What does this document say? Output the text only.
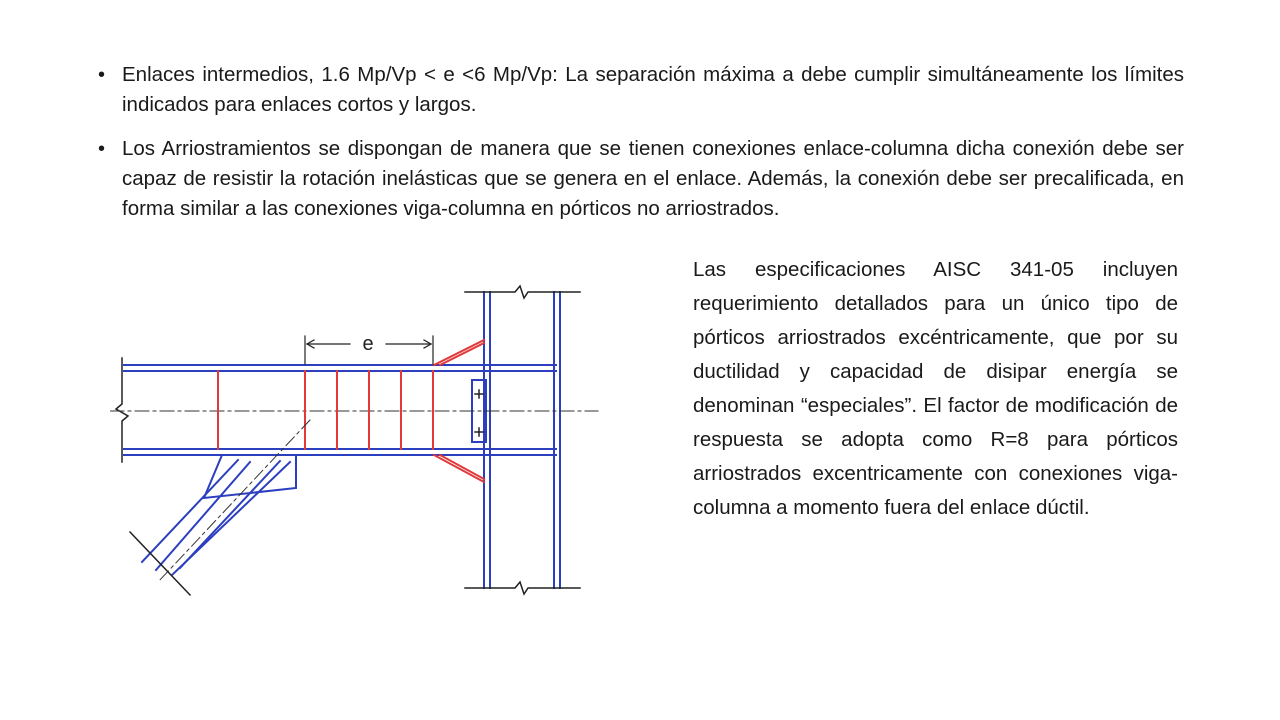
• Enlaces intermedios, 1.6 Mp/Vp < e <6 Mp/Vp: La separación máxima a debe cumplir simultáneamente los límites indicados para enlaces cortos y largos.
• Los Arriostramientos se dispongan de manera que se tienen conexiones enlace-columna dicha conexión debe ser capaz de resistir la rotación inelásticas que se genera en el enlace. Además, la conexión debe ser precalificada, en forma similar a las conexiones viga-columna en pórticos no arriostrados.
Las especificaciones AISC 341-05 incluyen requerimiento detallados para un único tipo de pórticos arriostrados excéntricamente, que por su ductilidad y capacidad de disipar energía se denominan “especiales”. El factor de modificación de respuesta se adopta como R=8 para pórticos arriostrados excentricamente con conexiones viga-columna a momento fuera del enlace dúctil.
e
